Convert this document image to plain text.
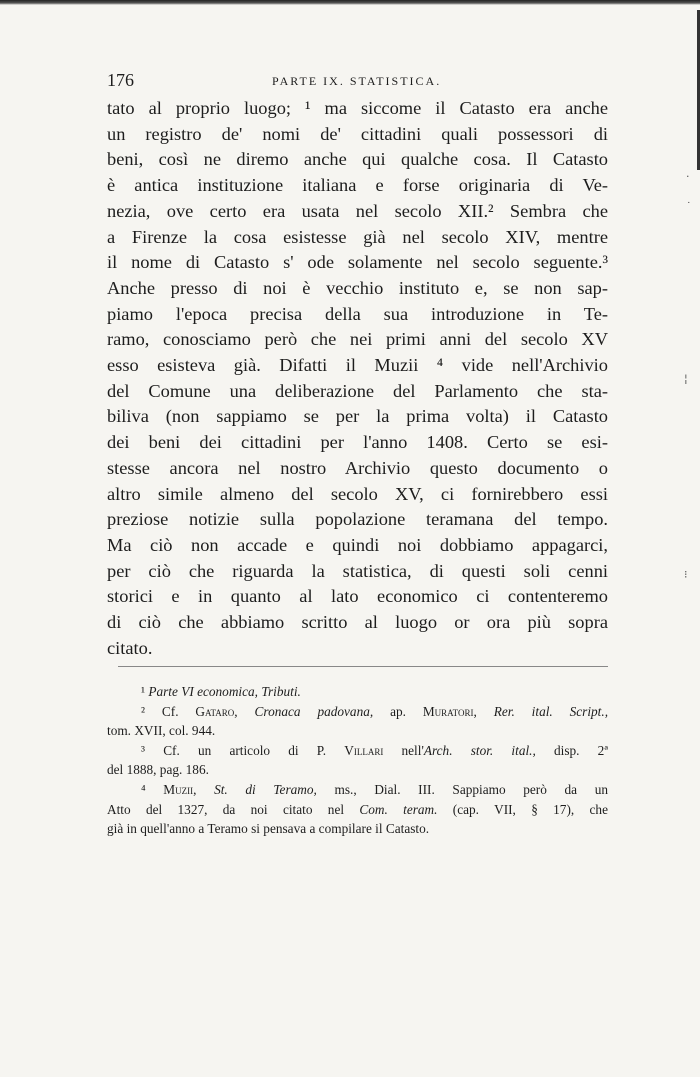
·
˙
¦
⁝
176	PARTE IX. STATISTICA.
tato al proprio luogo; ¹ ma siccome il Catasto era anche
un registro de' nomi de' cittadini quali possessori di
beni, così ne diremo anche qui qualche cosa. Il Catasto
è antica instituzione italiana e forse originaria di Ve-
nezia, ove certo era usata nel secolo XII.² Sembra che
a Firenze la cosa esistesse già nel secolo XIV, mentre
il nome di Catasto s' ode solamente nel secolo seguente.³
Anche presso di noi è vecchio instituto e, se non sap-
piamo l'epoca precisa della sua introduzione in Te-
ramo, conosciamo però che nei primi anni del secolo XV
esso esisteva già. Difatti il Muzii ⁴ vide nell'Archivio
del Comune una deliberazione del Parlamento che sta-
biliva (non sappiamo se per la prima volta) il Catasto
dei beni dei cittadini per l'anno 1408. Certo se esi-
stesse ancora nel nostro Archivio questo documento o
altro simile almeno del secolo XV, ci fornirebbero essi
preziose notizie sulla popolazione teramana del tempo.
Ma ciò non accade e quindi noi dobbiamo appagarci,
per ciò che riguarda la statistica, di questi soli cenni
storici e in quanto al lato economico ci contenteremo
di ciò che abbiamo scritto al luogo or ora più sopra
citato.
¹ Parte VI economica, Tributi.
² Cf. Gataro, Cronaca padovana, ap. Muratori, Rer. ital. Script.,
tom. XVII, col. 944.
³ Cf. un articolo di P. Villari nell'Arch. stor. ital., disp. 2ª
del 1888, pag. 186.
⁴ Muzii, St. di Teramo, ms., Dial. III. Sappiamo però da un
Atto del 1327, da noi citato nel Com. teram. (cap. VII, § 17), che
già in quell'anno a Teramo si pensava a compilare il Catasto.
